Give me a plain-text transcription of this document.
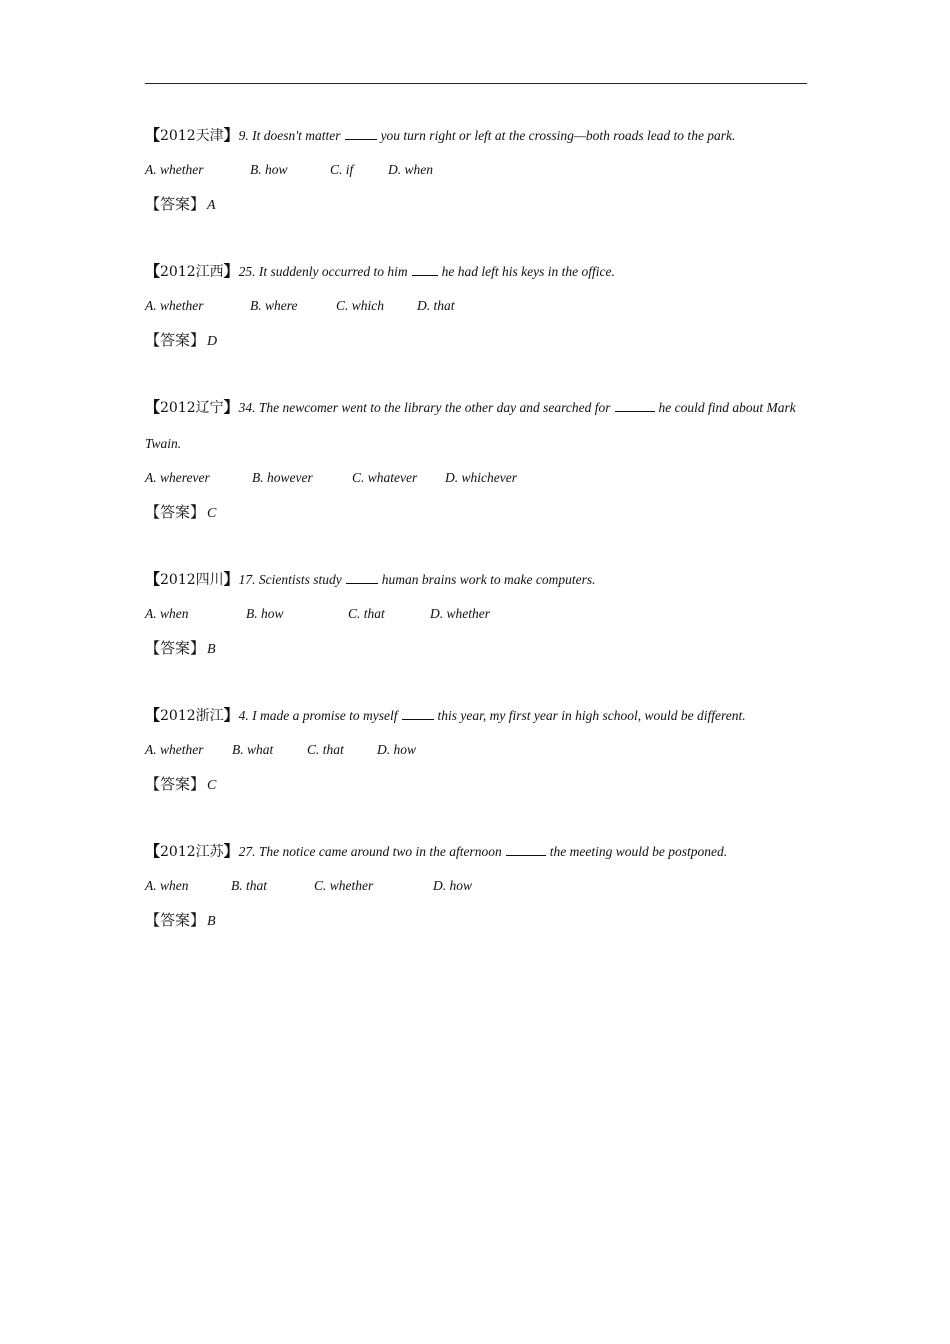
【2012天津】9. It doesn't matter	you turn right or left at the crossing—both roads lead to the park.
A. whether	B. how	C. if	D. when
【答案】 A
【2012江西】25. It suddenly occurred to him	he had left his keys in the office.
A. whether	B. where	C. which D. that
【答案】 D
【2012辽宁】34. The newcomer went to the library the other day and searched for	he could find about Mark Twain.
A. wherever	B. however	C. whatever D. whichever
【答案】 C
【2012四川】17. Scientists study	human brains work to make computers.
A. when	B. how	C. that	D. whether
【答案】 B
【2012浙江】4. I made a promise to myself	this year, my first year in high school, would be different.
A. whether B. what C. that D. how
【答案】 C
【2012江苏】27. The notice came around two in the afternoon	the meeting would be postponed.
A. when	B. that	C. whether	D. how
【答案】 B
